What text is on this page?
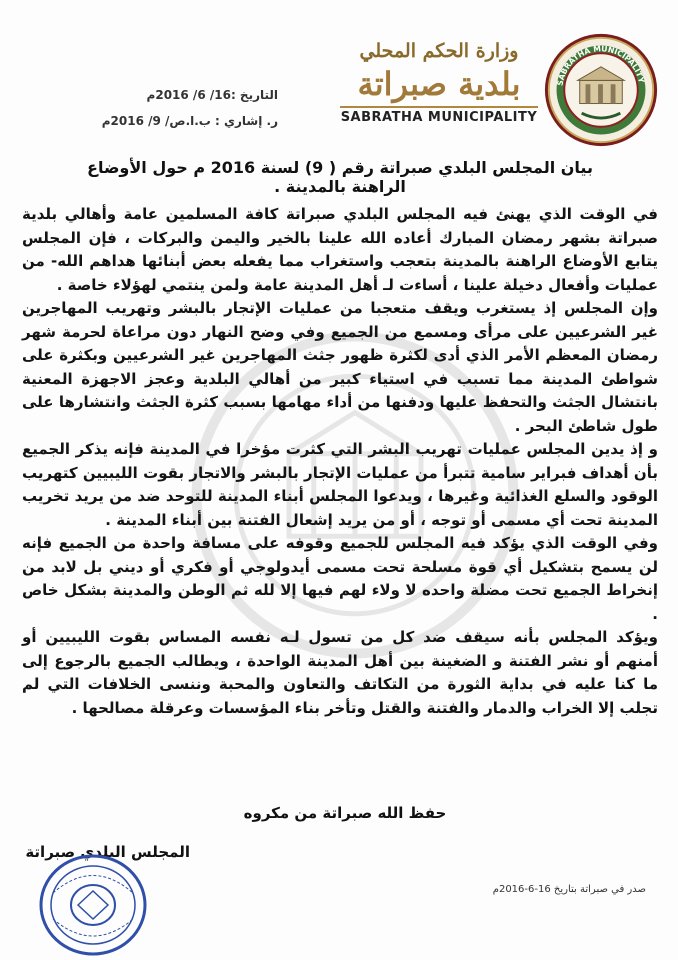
التاريخ :16/ 6/ 2016م
ر. إشاري : ب.ا.ص/ 9/ 2016م
وزارة الحكم المحلي
بلدية صبراتة
SABRATHA MUNICIPALITY
SABRATHA MUNICIPALITY
بيان المجلس البلدي صبراتة رقم ( 9) لسنة 2016 م حول الأوضاع الراهنة بالمدينة .

في الوقت الذي يهنئ فيه المجلس البلدي صبراتة كافة المسلمين عامة وأهالي بلدية صبراتة بشهر رمضان المبارك أعاده الله علينا بالخير واليمن والبركات ، فإن المجلس يتابع الأوضاع الراهنة بالمدينة بتعجب واستغراب مما يفعله بعض أبنائها هداهم الله- من عمليات وأفعال دخيلة علينا ، أساءت لـ أهل المدينة عامة ولمن ينتمي لهؤلاء خاصة .

وإن المجلس إذ يستغرب ويقف متعجبا من عمليات الإتجار بالبشر وتهريب المهاجرين غير الشرعيين على مرأى ومسمع من الجميع وفي وضح النهار دون مراعاة لحرمة شهر رمضان المعظم الأمر الذي أدى لكثرة ظهور جثث المهاجرين غير الشرعيين وبكثرة على شواطئ المدينة مما تسبب في استياء كبير من أهالي البلدية وعجز الاجهزة المعنية بانتشال الجثث والتحفظ عليها ودفنها من أداء مهامها بسبب كثرة الجثث وانتشارها على طول شاطئ البحر .

و إذ يدين المجلس عمليات تهريب البشر التي كثرت مؤخرا في المدينة فإنه يذكر الجميع بأن أهداف فبراير سامية تتبرأ من عمليات الإتجار بالبشر والاتجار بقوت الليبيين كتهريب الوقود والسلع الغذائية وغيرها ، ويدعوا المجلس أبناء المدينة للتوحد ضد من يريد تخريب المدينة تحت أي مسمى أو توجه ، أو من يريد إشعال الفتنة بين أبناء المدينة .

وفي الوقت الذي يؤكد فيه المجلس للجميع وقوفه على مسافة واحدة من الجميع فإنه لن يسمح بتشكيل أي قوة مسلحة تحت مسمى أيدولوجي أو فكري أو ديني بل لابد من إنخراط الجميع تحت مضلة واحده لا ولاء لهم فيها إلا لله ثم الوطن والمدينة بشكل خاص .

ويؤكد المجلس بأنه سيقف ضد كل من تسول لـه نفسه المساس بقوت الليبيين أو أمنهم أو نشر الفتنة و الضغينة بين أهل المدينة الواحدة ، ويطالب الجميع بالرجوع إلى ما كنا عليه في بداية الثورة من التكاتف والتعاون والمحبة وننسى الخلافات التي لم تجلب إلا الخراب والدمار والفتنة والقتل وتأخر بناء المؤسسات وعرقلة مصالحها .

حفظ الله صبراتة من مكروه
المجلس البلدي صبراتة
صدر في صبراتة بتاريخ 16-6-2016م
